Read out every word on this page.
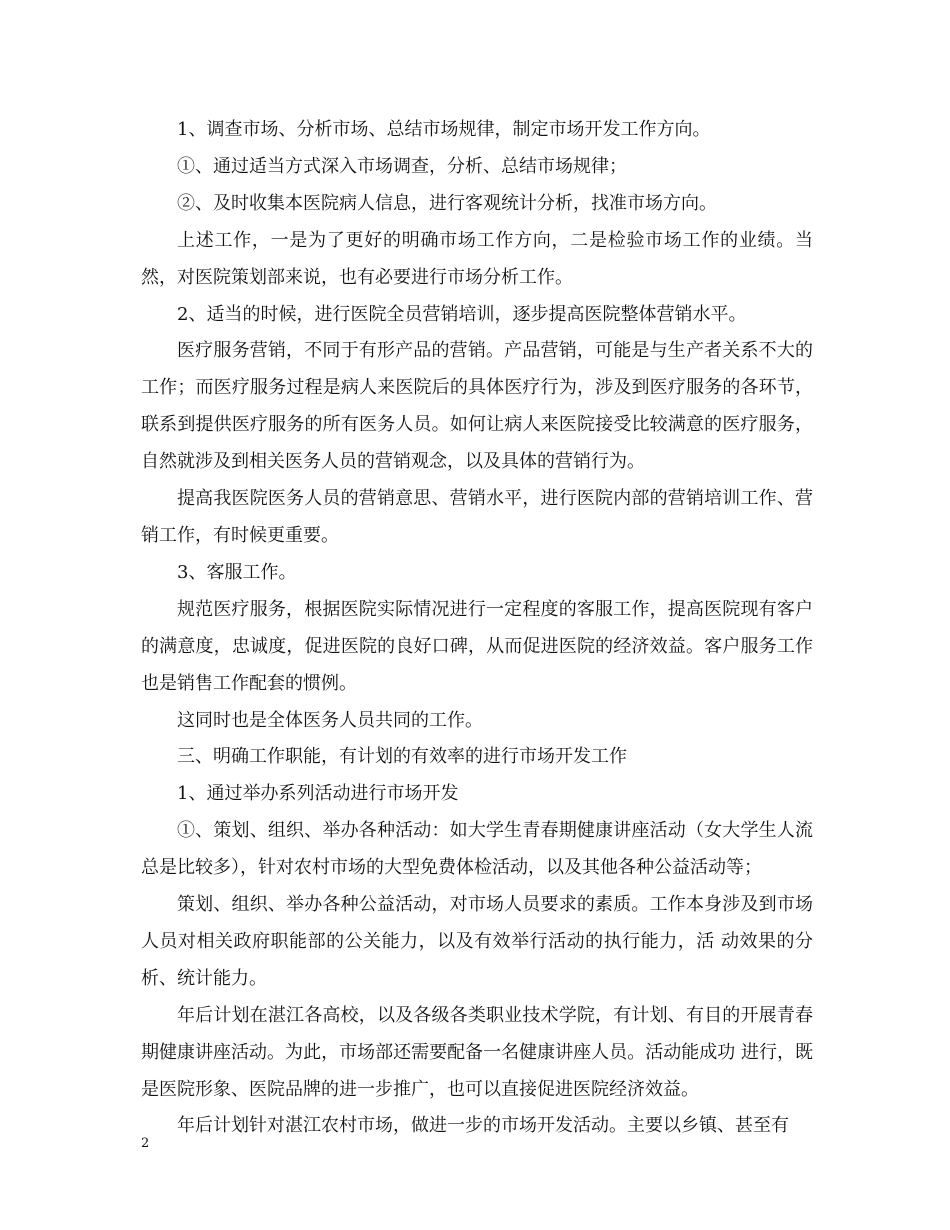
1、调查市场、分析市场、总结市场规律，制定市场开发工作方向。

①、通过适当方式深入市场调查，分析、总结市场规律；

②、及时收集本医院病人信息，进行客观统计分析，找准市场方向。

上述工作，一是为了更好的明确市场工作方向，二是检验市场工作的业绩。当然，对医院策划部来说，也有必要进行市场分析工作。

2、适当的时候，进行医院全员营销培训，逐步提高医院整体营销水平。

医疗服务营销，不同于有形产品的营销。产品营销，可能是与生产者关系不大的工作；而医疗服务过程是病人来医院后的具体医疗行为，涉及到医疗服务的各环节，联系到提供医疗服务的所有医务人员。如何让病人来医院接受比较满意的医疗服务，自然就涉及到相关医务人员的营销观念，以及具体的营销行为。

提高我医院医务人员的营销意思、营销水平，进行医院内部的营销培训工作、营销工作，有时候更重要。

3、客服工作。

规范医疗服务，根据医院实际情况进行一定程度的客服工作，提高医院现有客户的满意度，忠诚度，促进医院的良好口碑，从而促进医院的经济效益。客户服务工作也是销售工作配套的惯例。

这同时也是全体医务人员共同的工作。

三、明确工作职能，有计划的有效率的进行市场开发工作

1、通过举办系列活动进行市场开发

①、策划、组织、举办各种活动：如大学生青春期健康讲座活动（女大学生人流总是比较多），针对农村市场的大型免费体检活动，以及其他各种公益活动等；

策划、组织、举办各种公益活动，对市场人员要求的素质。工作本身涉及到市场人员对相关政府职能部的公关能力，以及有效举行活动的执行能力，活 动效果的分析、统计能力。

年后计划在湛江各高校，以及各级各类职业技术学院，有计划、有目的开展青春期健康讲座活动。为此，市场部还需要配备一名健康讲座人员。活动能成功 进行，既是医院形象、医院品牌的进一步推广，也可以直接促进医院经济效益。

年后计划针对湛江农村市场，做进一步的市场开发活动。主要以乡镇、甚至有

2
